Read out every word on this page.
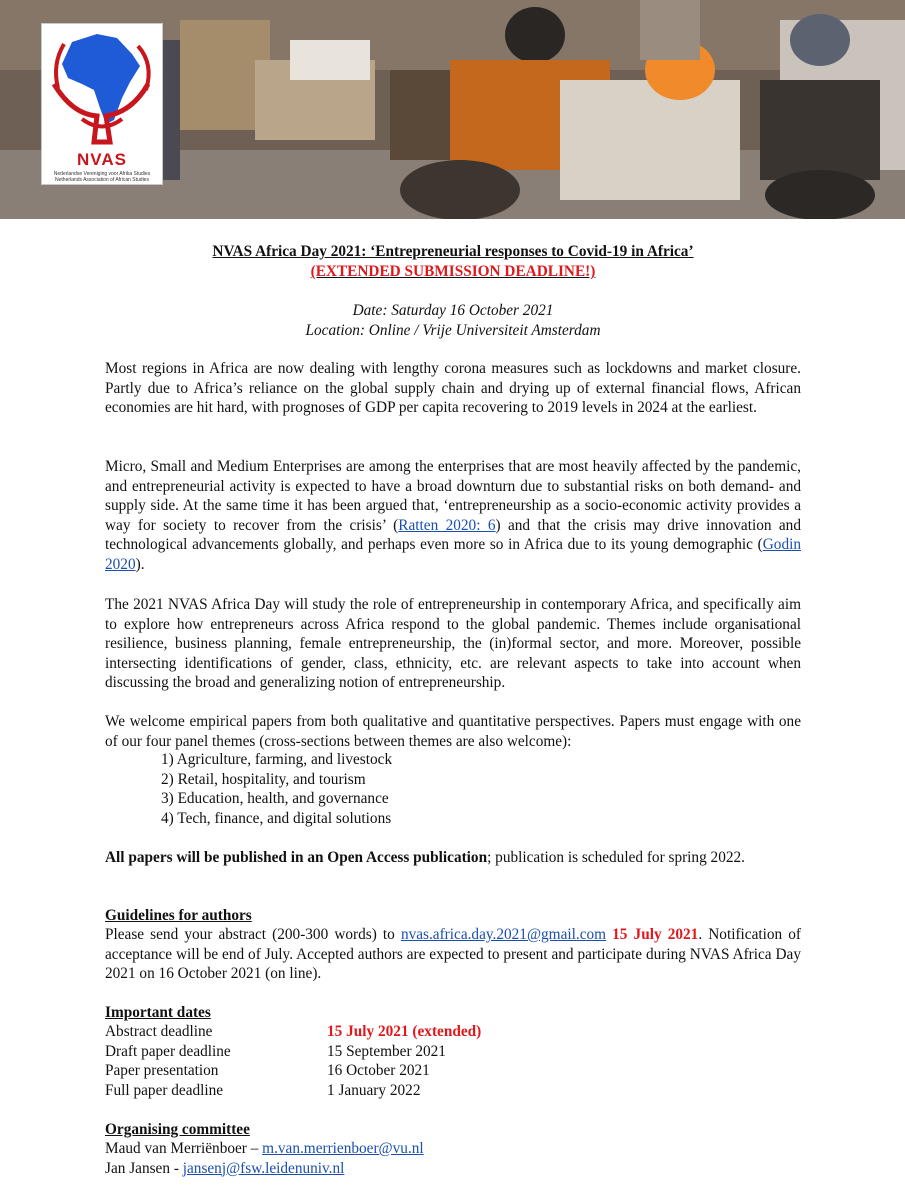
NVAS
Nederlandse Vereniging voor Afrika Studies
Netherlands Association of African Studies
NVAS Africa Day 2021: ‘Entrepreneurial responses to Covid-19 in Africa’
(EXTENDED SUBMISSION DEADLINE!)
Date: Saturday 16 October 2021
Location: Online / Vrije Universiteit Amsterdam
Most regions in Africa are now dealing with lengthy corona measures such as lockdowns and market closure. Partly due to Africa’s reliance on the global supply chain and drying up of external financial flows, African economies are hit hard, with prognoses of GDP per capita recovering to 2019 levels in 2024 at the earliest.
Micro, Small and Medium Enterprises are among the enterprises that are most heavily affected by the pandemic, and entrepreneurial activity is expected to have a broad downturn due to substantial risks on both demand- and supply side. At the same time it has been argued that, ‘entrepreneurship as a socio-economic activity provides a way for society to recover from the crisis’ (Ratten 2020: 6) and that the crisis may drive innovation and technological advancements globally, and perhaps even more so in Africa due to its young demographic (Godin 2020).
The 2021 NVAS Africa Day will study the role of entrepreneurship in contemporary Africa, and specifically aim to explore how entrepreneurs across Africa respond to the global pandemic. Themes include organisational resilience, business planning, female entrepreneurship, the (in)formal sector, and more. Moreover, possible intersecting identifications of gender, class, ethnicity, etc. are relevant aspects to take into account when discussing the broad and generalizing notion of entrepreneurship.
We welcome empirical papers from both qualitative and quantitative perspectives. Papers must engage with one of our four panel themes (cross-sections between themes are also welcome):
1) Agriculture, farming, and livestock
2) Retail, hospitality, and tourism
3) Education, health, and governance
4) Tech, finance, and digital solutions
All papers will be published in an Open Access publication; publication is scheduled for spring 2022.
Guidelines for authors
Please send your abstract (200-300 words) to nvas.africa.day.2021@gmail.com 15 July 2021. Notification of acceptance will be end of July. Accepted authors are expected to present and participate during NVAS Africa Day 2021 on 16 October 2021 (on line).
Important dates
Abstract deadline	15 July 2021 (extended)
Draft paper deadline	15 September 2021
Paper presentation	16 October 2021
Full paper deadline	1 January 2022
Organising committee
Maud van Merriënboer – m.van.merrienboer@vu.nl
Jan Jansen - jansenj@fsw.leidenuniv.nl
